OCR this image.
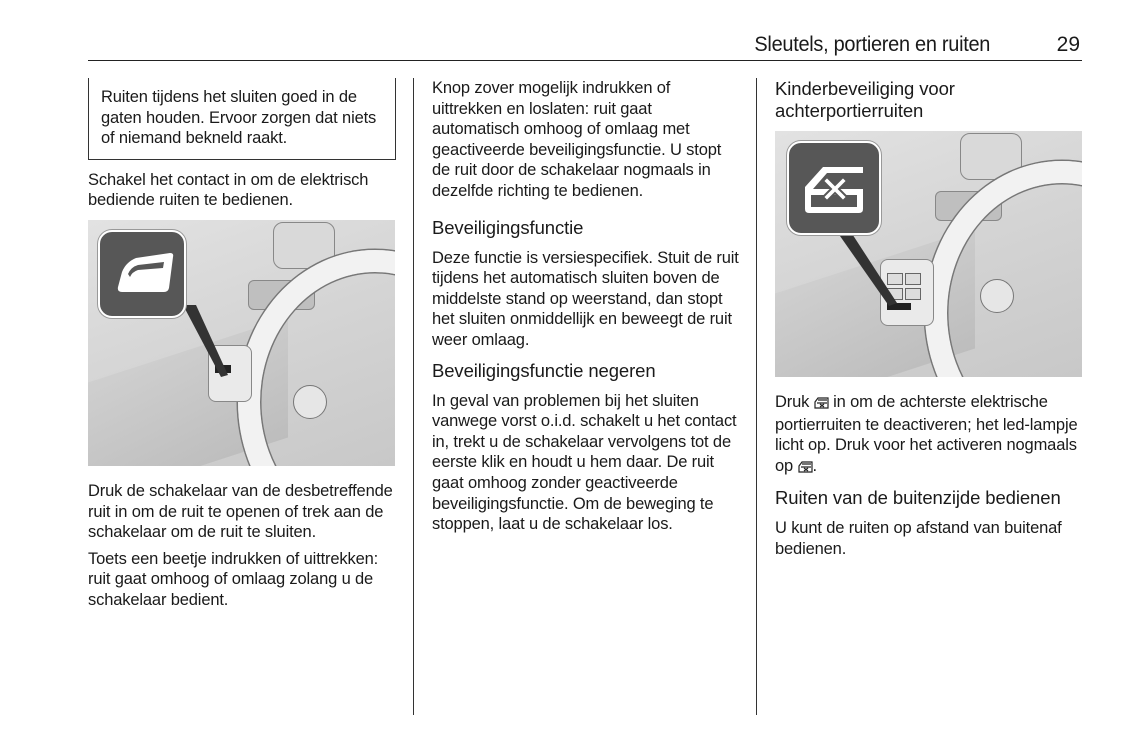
Sleutels, portieren en ruiten	29

Ruiten tijdens het sluiten goed in de gaten houden. Ervoor zorgen dat niets of niemand bekneld raakt.

Schakel het contact in om de elektrisch bediende ruiten te bedienen.

Druk de schakelaar van de desbetreffende ruit in om de ruit te openen of trek aan de schakelaar om de ruit te sluiten.

Toets een beetje indrukken of uittrekken: ruit gaat omhoog of omlaag zolang u de schakelaar bedient.

Knop zover mogelijk indrukken of uittrekken en loslaten: ruit gaat automatisch omhoog of omlaag met geactiveerde beveiligingsfunctie. U stopt de ruit door de schakelaar nogmaals in dezelfde richting te bedienen.

Beveiligingsfunctie

Deze functie is versiespecifiek. Stuit de ruit tijdens het automatisch sluiten boven de middelste stand op weerstand, dan stopt het sluiten onmiddellijk en beweegt de ruit weer omlaag.

Beveiligingsfunctie negeren

In geval van problemen bij het sluiten vanwege vorst o.i.d. schakelt u het contact in, trekt u de schakelaar vervolgens tot de eerste klik en houdt u hem daar. De ruit gaat omhoog zonder geactiveerde beveiligingsfunctie. Om de beweging te stoppen, laat u de schakelaar los.

Kinderbeveiliging voor achterportierruiten

Druk  in om de achterste elektrische portierruiten te deactiveren; het led-lampje licht op. Druk voor het activeren nogmaals op .

Ruiten van de buitenzijde bedienen

U kunt de ruiten op afstand van buitenaf bedienen.
